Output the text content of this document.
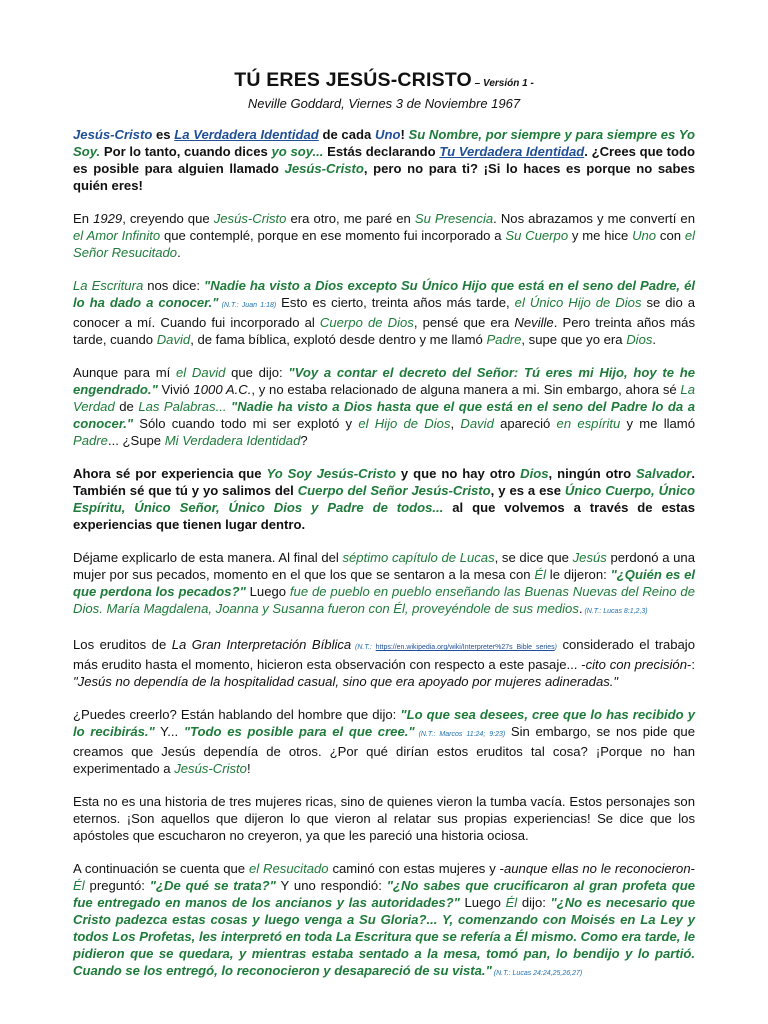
TÚ ERES JESÚS-CRISTO – Versión 1 -
Neville Goddard, Viernes 3 de Noviembre 1967

Jesús-Cristo es La Verdadera Identidad de cada Uno! Su Nombre, por siempre y para siempre es Yo Soy. Por lo tanto, cuando dices yo soy... Estás declarando Tu Verdadera Identidad. ¿Crees que todo es posible para alguien llamado Jesús-Cristo, pero no para ti? ¡Si lo haces es porque no sabes quién eres!

En 1929, creyendo que Jesús-Cristo era otro, me paré en Su Presencia. Nos abrazamos y me convertí en el Amor Infinito que contemplé, porque en ese momento fui incorporado a Su Cuerpo y me hice Uno con el Señor Resucitado.

La Escritura nos dice: "Nadie ha visto a Dios excepto Su Único Hijo que está en el seno del Padre, él lo ha dado a conocer." (N.T.: Juan 1:18) Esto es cierto, treinta años más tarde, el Único Hijo de Dios se dio a conocer a mí. Cuando fui incorporado al Cuerpo de Dios, pensé que era Neville. Pero treinta años más tarde, cuando David, de fama bíblica, explotó desde dentro y me llamó Padre, supe que yo era Dios.

Aunque para mí el David que dijo: "Voy a contar el decreto del Señor: Tú eres mi Hijo, hoy te he engendrado." Vivió 1000 A.C., y no estaba relacionado de alguna manera a mi. Sin embargo, ahora sé La Verdad de Las Palabras... "Nadie ha visto a Dios hasta que el que está en el seno del Padre lo da a conocer." Sólo cuando todo mi ser explotó y el Hijo de Dios, David apareció en espíritu y me llamó Padre... ¿Supe Mi Verdadera Identidad?

Ahora sé por experiencia que Yo Soy Jesús-Cristo y que no hay otro Dios, ningún otro Salvador. También sé que tú y yo salimos del Cuerpo del Señor Jesús-Cristo, y es a ese Único Cuerpo, Único Espíritu, Único Señor, Único Dios y Padre de todos... al que volvemos a través de estas experiencias que tienen lugar dentro.

Déjame explicarlo de esta manera. Al final del séptimo capítulo de Lucas, se dice que Jesús perdonó a una mujer por sus pecados, momento en el que los que se sentaron a la mesa con Él le dijeron: "¿Quién es el que perdona los pecados?" Luego fue de pueblo en pueblo enseñando las Buenas Nuevas del Reino de Dios. María Magdalena, Joanna y Susanna fueron con Él, proveyéndole de sus medios. (N.T.: Lucas 8:1,2,3)

Los eruditos de La Gran Interpretación Bíblica (N.T.: https://en.wikipedia.org/wiki/Interpreter%27s_Bible_series) considerado el trabajo más erudito hasta el momento, hicieron esta observación con respecto a este pasaje... -cito con precisión-: "Jesús no dependía de la hospitalidad casual, sino que era apoyado por mujeres adineradas."

¿Puedes creerlo? Están hablando del hombre que dijo: "Lo que sea desees, cree que lo has recibido y lo recibirás." Y... "Todo es posible para el que cree." (N.T.: Marcos 11:24; 9:23) Sin embargo, se nos pide que creamos que Jesús dependía de otros. ¿Por qué dirían estos eruditos tal cosa? ¡Porque no han experimentado a Jesús-Cristo!

Esta no es una historia de tres mujeres ricas, sino de quienes vieron la tumba vacía. Estos personajes son eternos. ¡Son aquellos que dijeron lo que vieron al relatar sus propias experiencias! Se dice que los apóstoles que escucharon no creyeron, ya que les pareció una historia ociosa.

A continuación se cuenta que el Resucitado caminó con estas mujeres y -aunque ellas no le reconocieron- Él preguntó: "¿De qué se trata?" Y uno respondió: "¿No sabes que crucificaron al gran profeta que fue entregado en manos de los ancianos y las autoridades?" Luego Él dijo: "¿No es necesario que Cristo padezca estas cosas y luego venga a Su Gloria?... Y, comenzando con Moisés en La Ley y todos Los Profetas, les interpretó en toda La Escritura que se refería a Él mismo. Como era tarde, le pidieron que se quedara, y mientras estaba sentado a la mesa, tomó pan, lo bendijo y lo partió. Cuando se los entregó, lo reconocieron y desapareció de su vista." (N.T.: Lucas 24:24,25,26,27)
